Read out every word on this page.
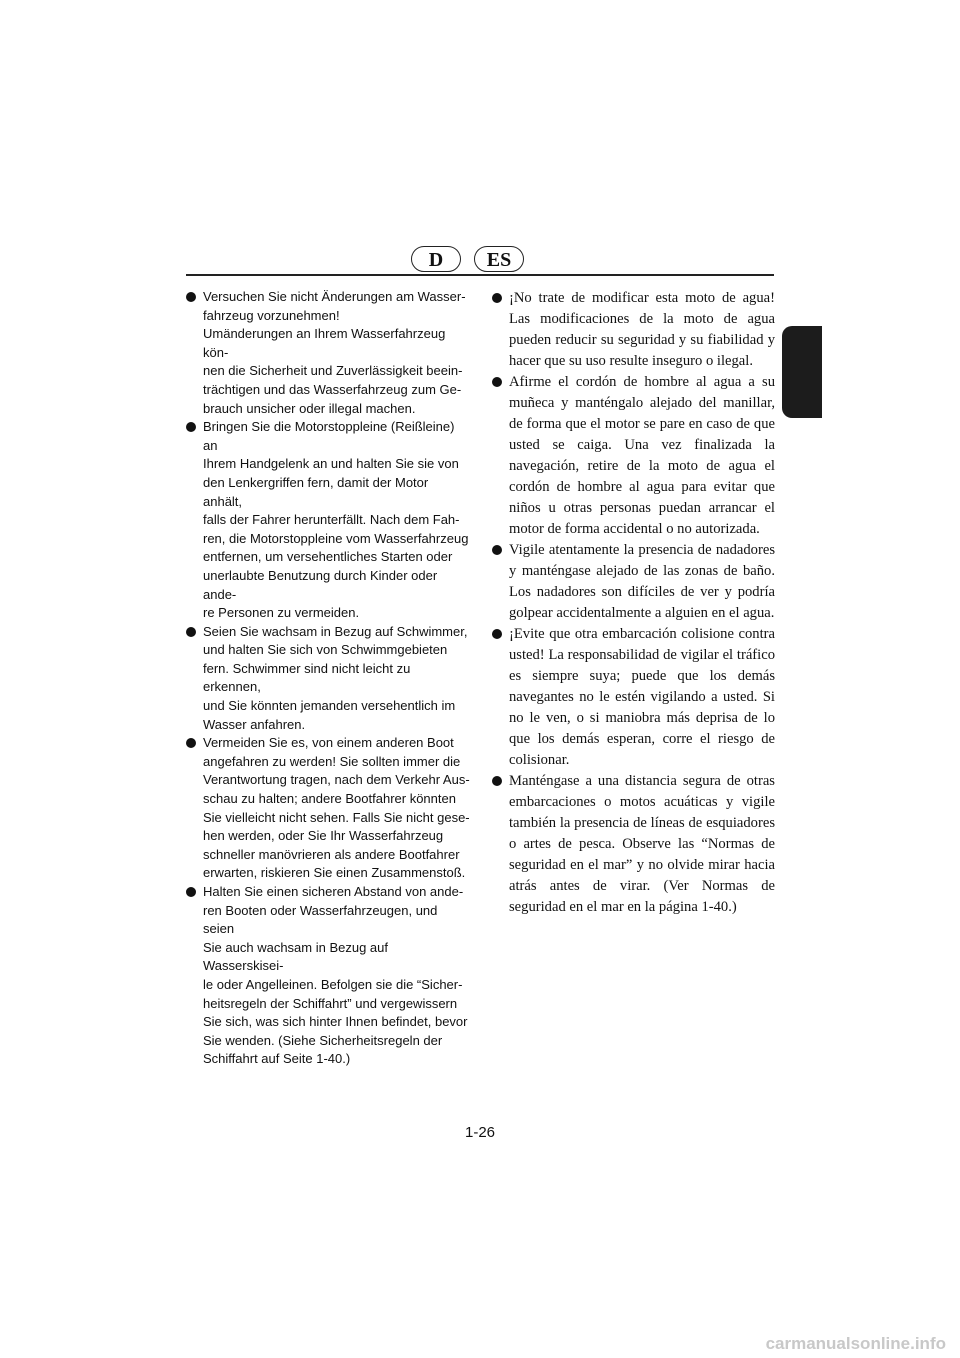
D	ES
Versuchen Sie nicht Änderungen am Wasser-
fahrzeug vorzunehmen!
Umänderungen an Ihrem Wasserfahrzeug kön-
nen die Sicherheit und Zuverlässigkeit beein-
trächtigen und das Wasserfahrzeug zum Ge-
brauch unsicher oder illegal machen.
Bringen Sie die Motorstoppleine (Reißleine) an
Ihrem Handgelenk an und halten Sie sie von
den Lenkergriffen fern, damit der Motor anhält,
falls der Fahrer herunterfällt. Nach dem Fah-
ren, die Motorstoppleine vom Wasserfahrzeug
entfernen, um versehentliches Starten oder
unerlaubte Benutzung durch Kinder oder ande-
re Personen zu vermeiden.
Seien Sie wachsam in Bezug auf Schwimmer,
und halten Sie sich von Schwimmgebieten
fern. Schwimmer sind nicht leicht zu erkennen,
und Sie könnten jemanden versehentlich im
Wasser anfahren.
Vermeiden Sie es, von einem anderen Boot
angefahren zu werden! Sie sollten immer die
Verantwortung tragen, nach dem Verkehr Aus-
schau zu halten; andere Bootfahrer könnten
Sie vielleicht nicht sehen. Falls Sie nicht gese-
hen werden, oder Sie Ihr Wasserfahrzeug
schneller manövrieren als andere Bootfahrer
erwarten, riskieren Sie einen Zusammenstoß.
Halten Sie einen sicheren Abstand von ande-
ren Booten oder Wasserfahrzeugen, und seien
Sie auch wachsam in Bezug auf Wasserskisei-
le oder Angelleinen. Befolgen sie die “Sicher-
heitsregeln der Schiffahrt” und vergewissern
Sie sich, was sich hinter Ihnen befindet, bevor
Sie wenden. (Siehe Sicherheitsregeln der
Schiffahrt auf Seite 1-40.)
¡No trate de modificar esta moto de agua! Las modificaciones de la moto de agua pueden reducir su seguridad y su fiabilidad y hacer que su uso resulte inseguro o ilegal.
Afirme el cordón de hombre al agua a su muñeca y manténgalo alejado del manillar, de forma que el motor se pare en caso de que usted se caiga. Una vez finalizada la navegación, retire de la moto de agua el cordón de hombre al agua para evitar que niños u otras personas puedan arrancar el motor de forma accidental o no autorizada.
Vigile atentamente la presencia de nadadores y manténgase alejado de las zonas de baño. Los nadadores son difíciles de ver y podría golpear accidentalmente a alguien en el agua.
¡Evite que otra embarcación colisione contra usted! La responsabilidad de vigilar el tráfico es siempre suya; puede que los demás navegantes no le estén vigilando a usted. Si no le ven, o si maniobra más deprisa de lo que los demás esperan, corre el riesgo de colisionar.
Manténgase a una distancia segura de otras embarcaciones o motos acuáticas y vigile también la presencia de líneas de esquiadores o artes de pesca. Observe las “Normas de seguridad en el mar” y no olvide mirar hacia atrás antes de virar. (Ver Normas de seguridad en el mar en la página 1-40.)
1-26
carmanualsonline.info
